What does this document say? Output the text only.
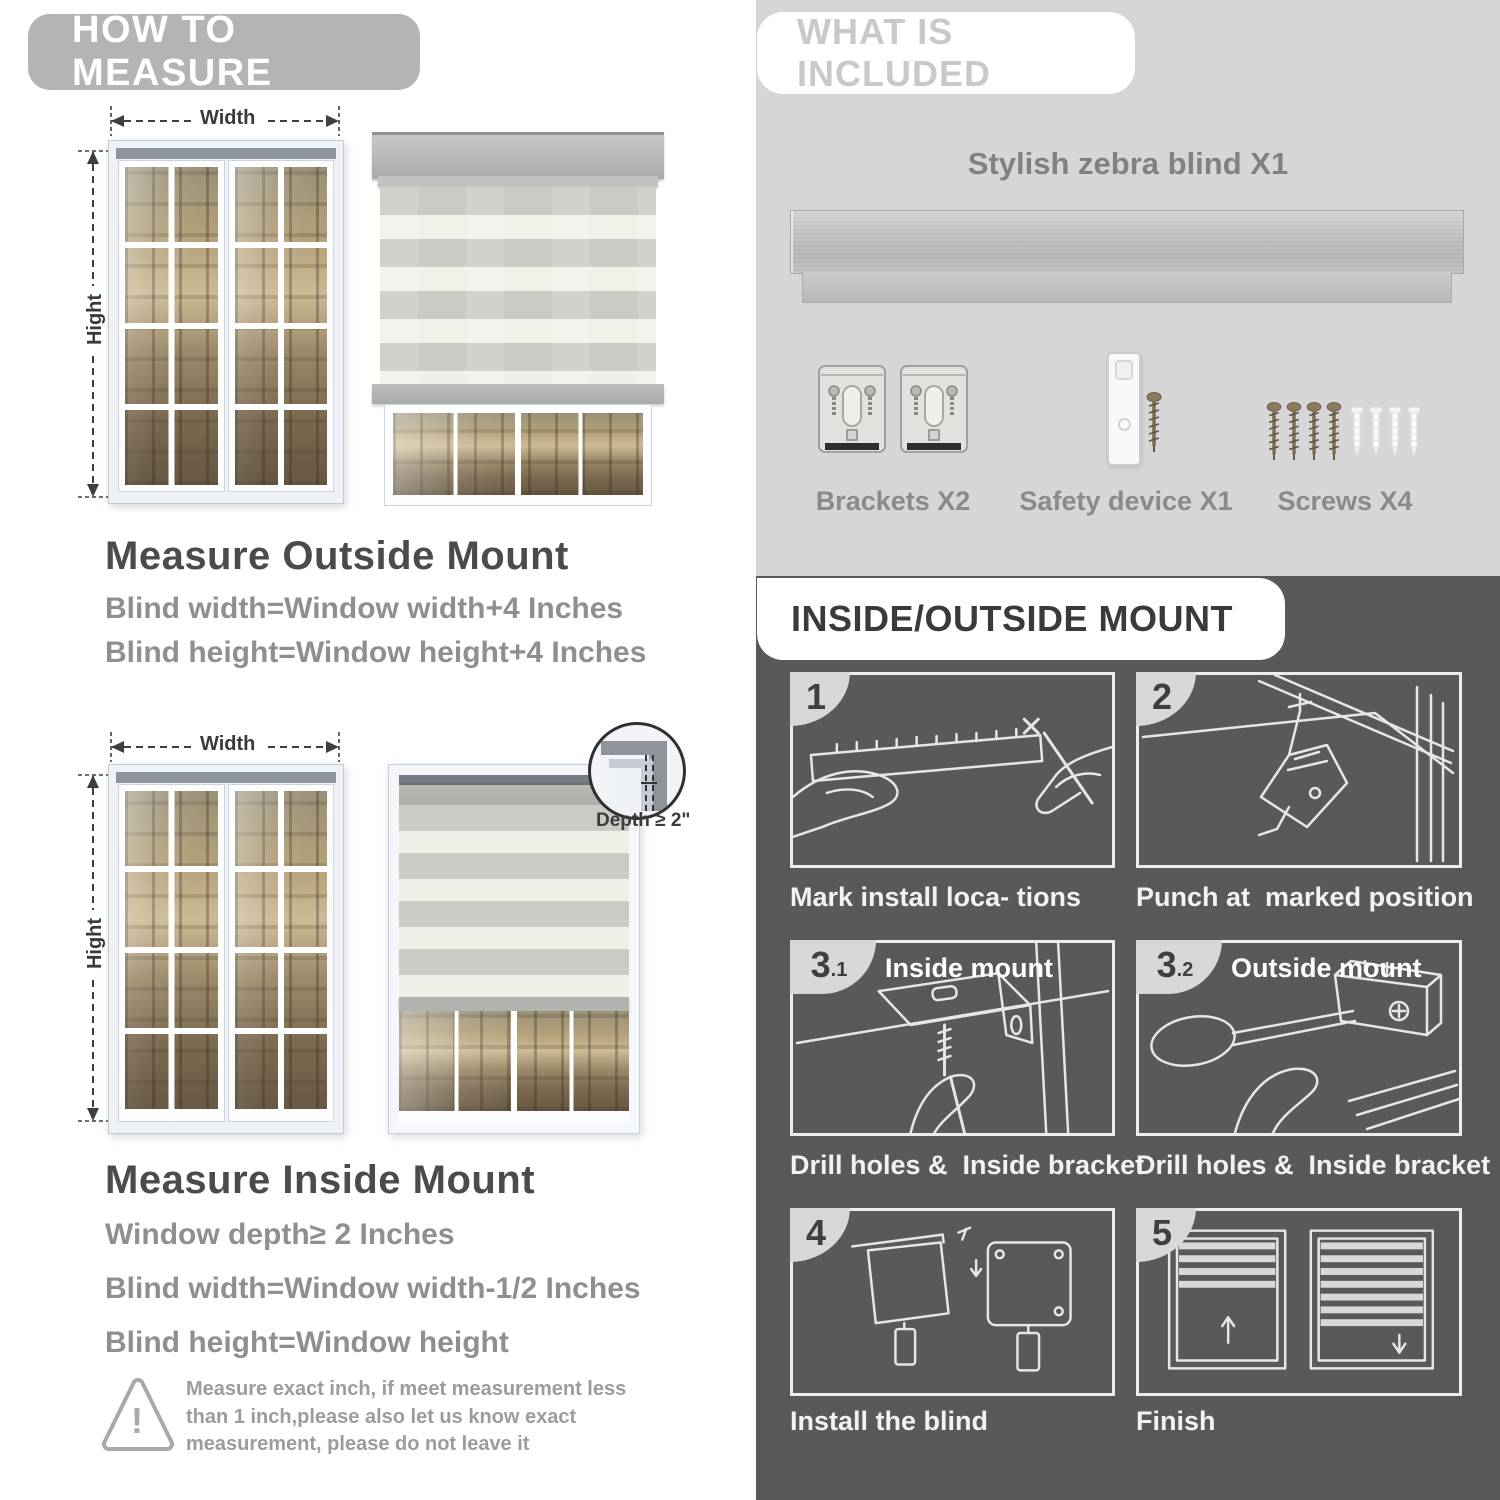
HOW TO MEASURE
Width
Hight
Measure Outside Mount
Blind width=Window width+4 Inches
Blind height=Window height+4 Inches
Width
Hight
Depth ≥ 2"
Measure Inside Mount
Window depth≥ 2 Inches
Blind width=Window width-1/2 Inches
Blind height=Window height
!
Measure exact inch, if meet measurement less
than 1 inch,please also let us know exact
measurement, please do not leave it
WHAT IS INCLUDED
Stylish zebra blind X1
Brackets X2	Safety device X1	Screws X4
INSIDE/OUTSIDE MOUNT
1
Mark install loca- tions
2
Punch at  marked position
3 .1 Inside mount
Drill holes &  Inside bracket
3 .2 Outside mount
Drill holes &  Inside bracket
4
Install the blind
5
Finish
